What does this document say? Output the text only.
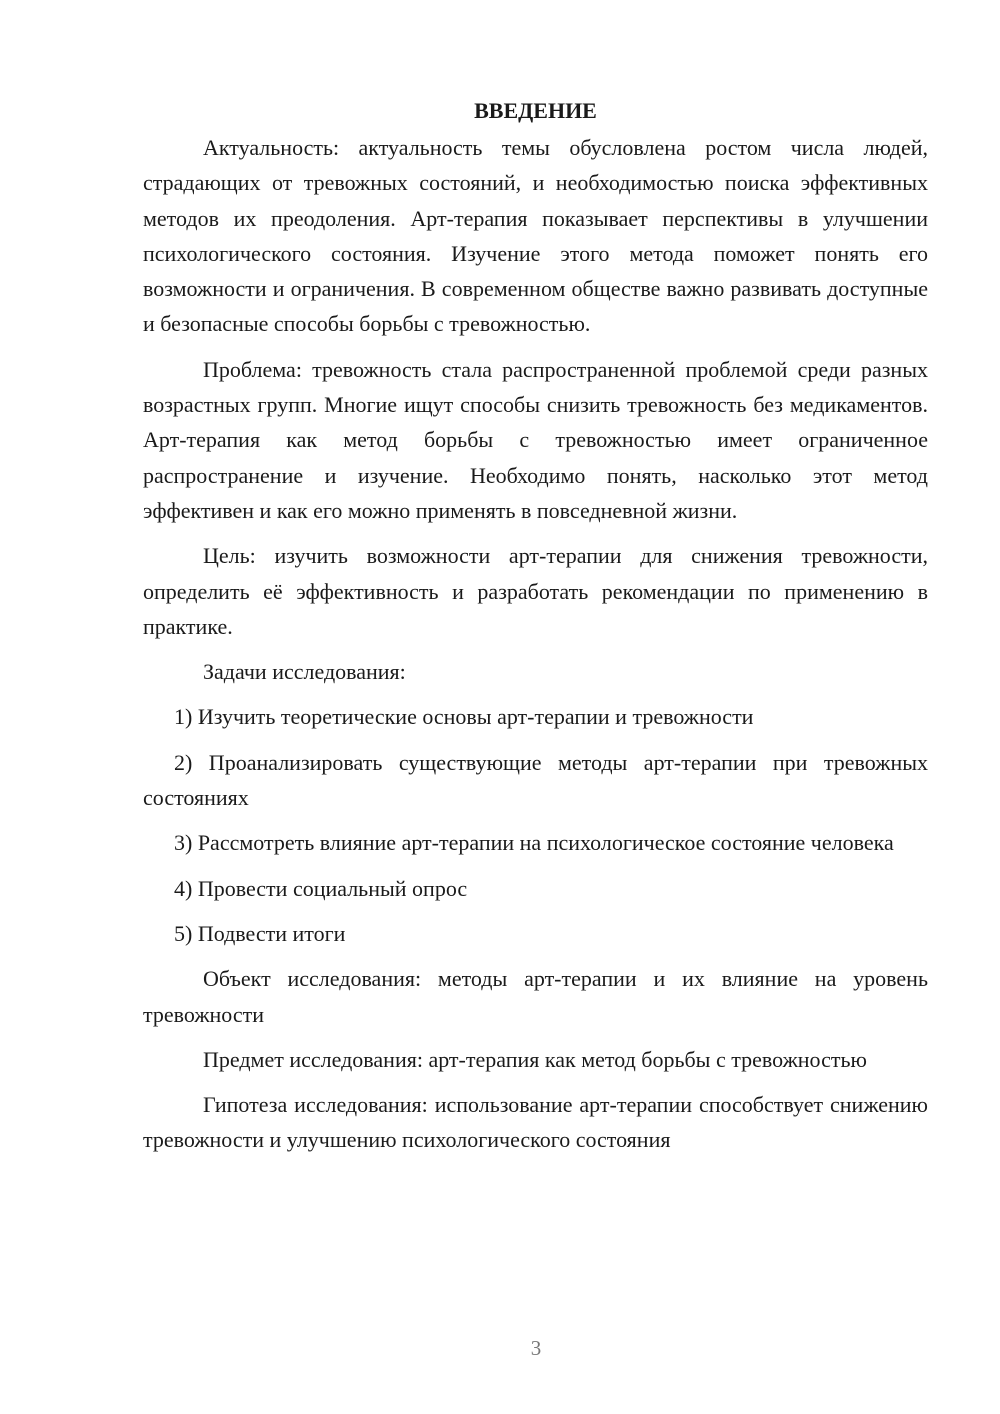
ВВЕДЕНИЕ

Актуальность: актуальность темы обусловлена ростом числа людей, страдающих от тревожных состояний, и необходимостью поиска эффективных методов их преодоления. Арт-терапия показывает перспективы в улучшении психологического состояния. Изучение этого метода поможет понять его возможности и ограничения. В современном обществе важно развивать доступные и безопасные способы борьбы с тревожностью.

Проблема: тревожность стала распространенной проблемой среди разных возрастных групп. Многие ищут способы снизить тревожность без медикаментов. Арт-терапия как метод борьбы с тревожностью имеет ограниченное распространение и изучение. Необходимо понять, насколько этот метод эффективен и как его можно применять в повседневной жизни.

Цель: изучить возможности арт-терапии для снижения тревожности, определить её эффективность и разработать рекомендации по применению в практике.

Задачи исследования:

1) Изучить теоретические основы арт-терапии и тревожности

2) Проанализировать существующие методы арт-терапии при тревожных состояниях

3) Рассмотреть влияние арт-терапии на психологическое состояние человека

4) Провести социальный опрос

5) Подвести итоги

Объект исследования: методы арт-терапии и их влияние на уровень тревожности

Предмет исследования: арт-терапия как метод борьбы с тревожностью

Гипотеза исследования: использование арт-терапии способствует снижению тревожности и улучшению психологического состояния

3
